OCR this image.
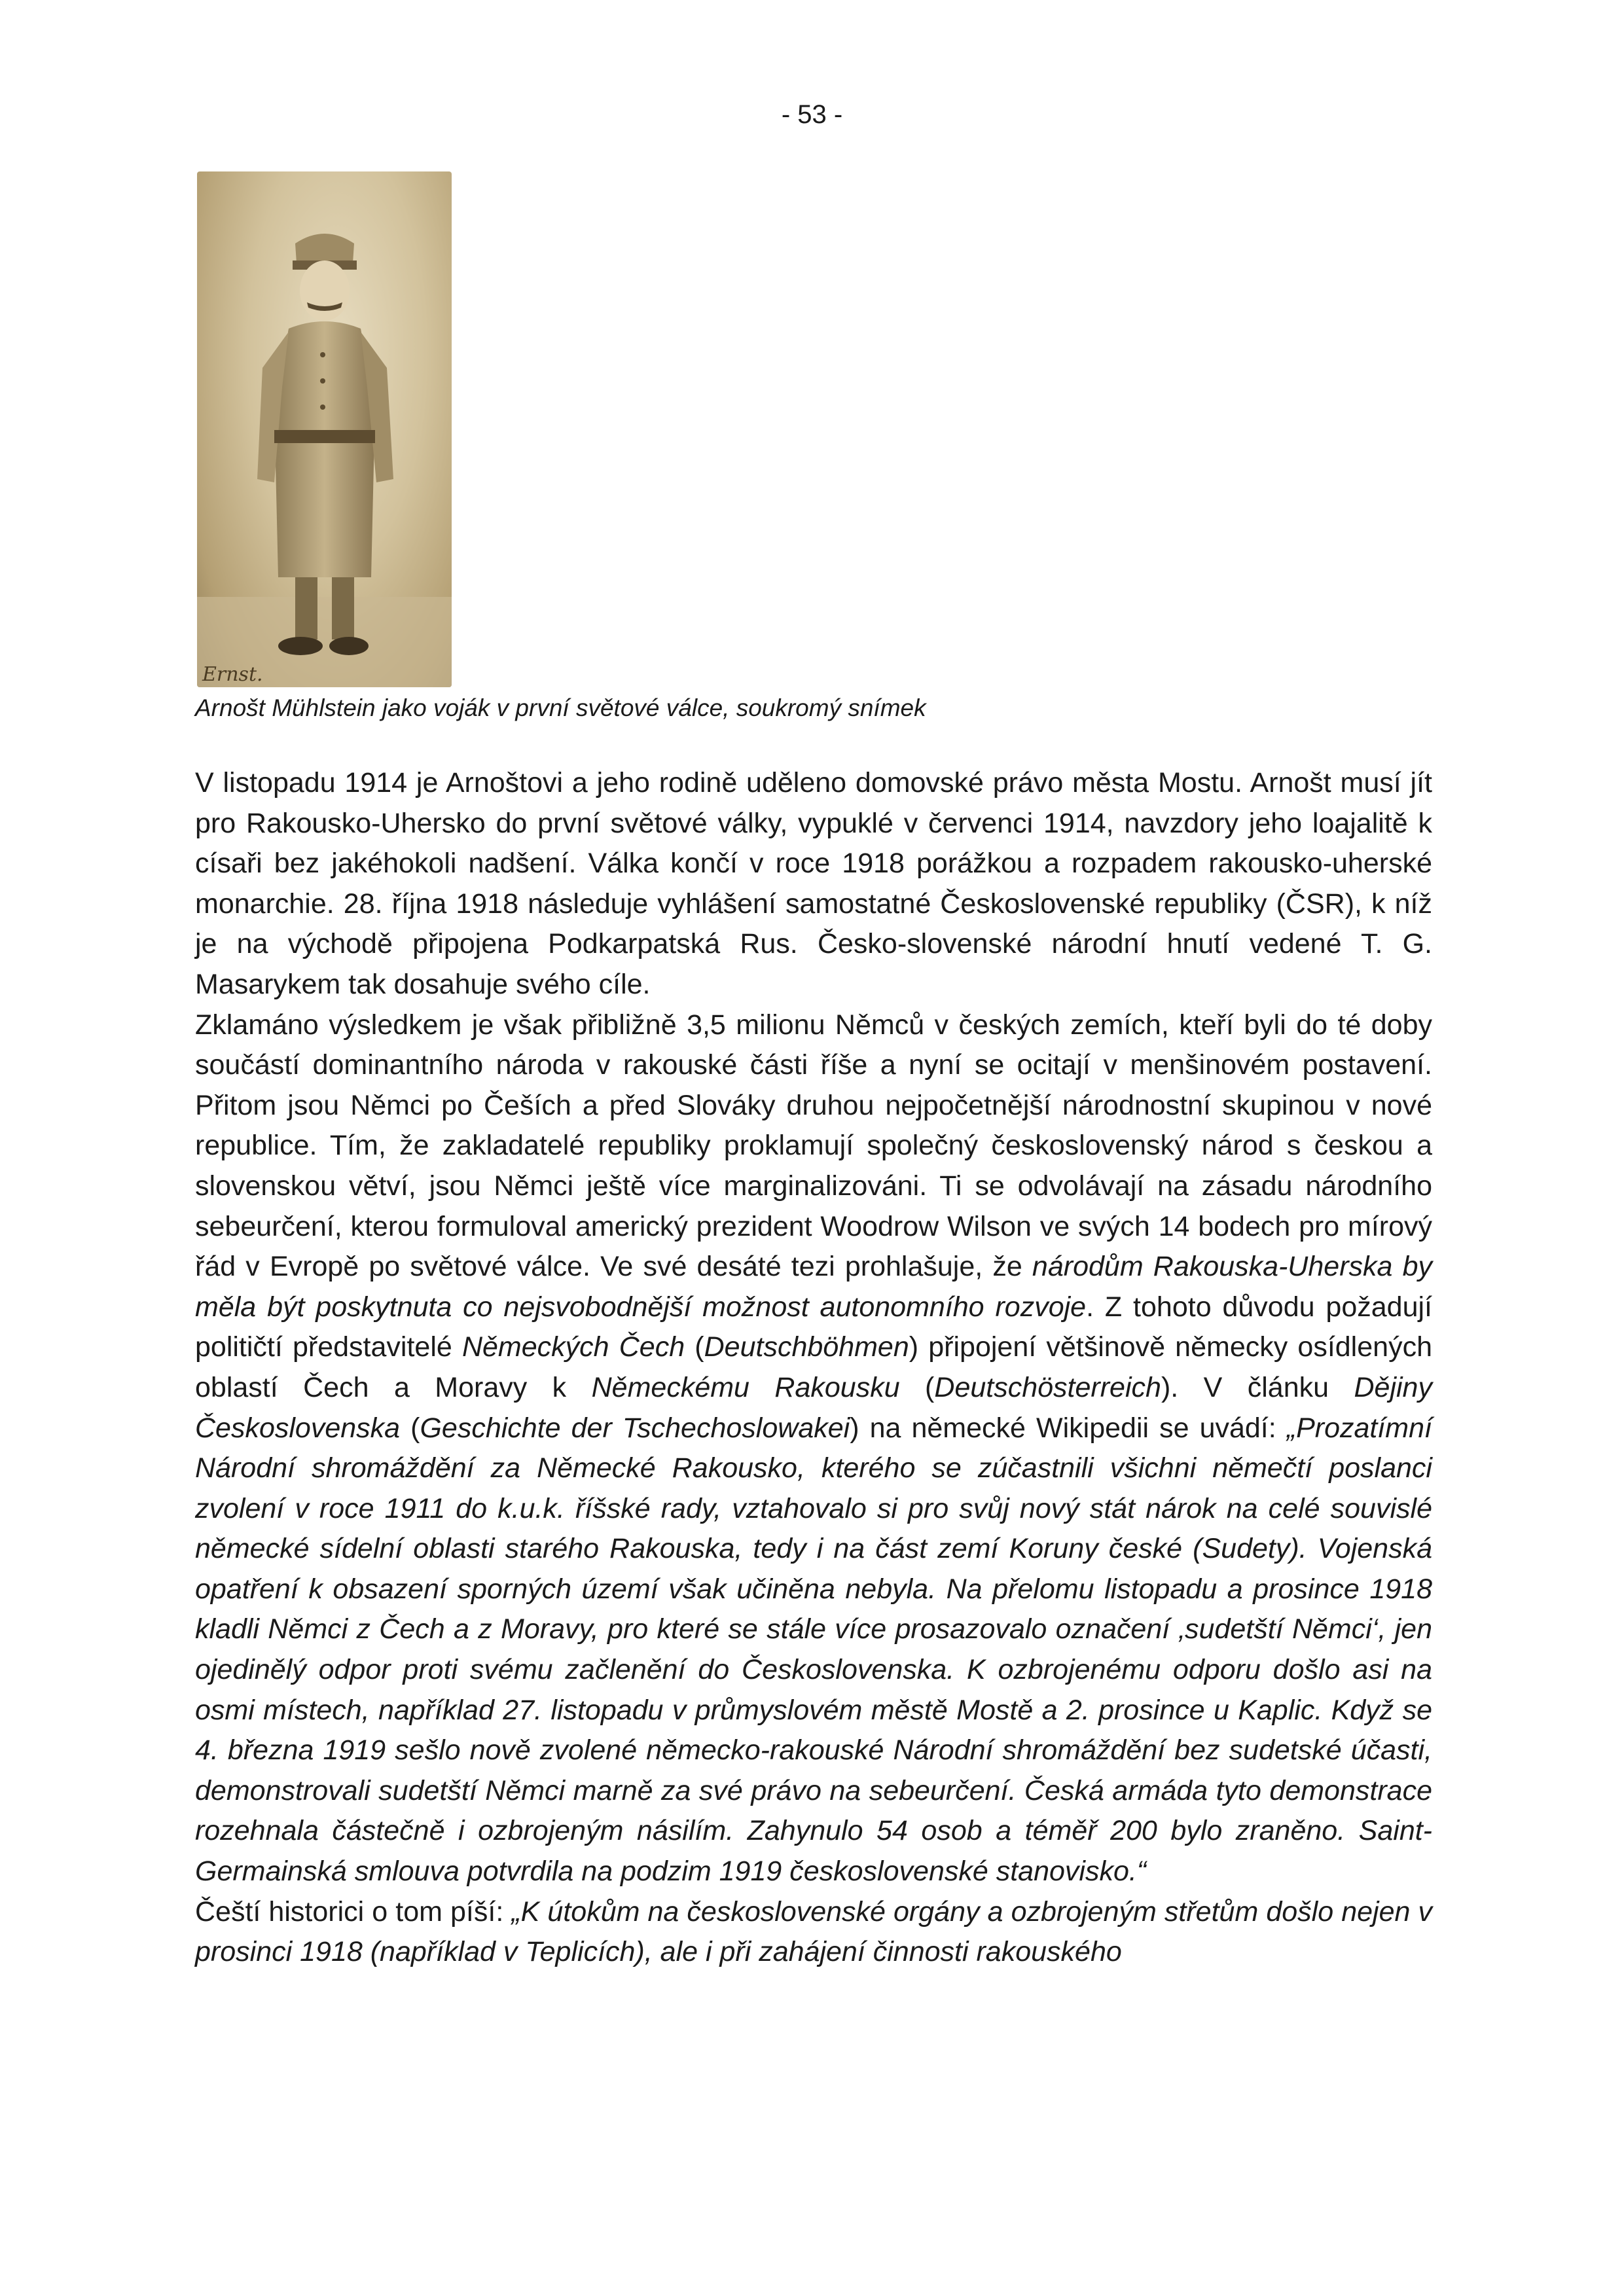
- 53 -
Ernst.
Arnošt Mühlstein jako voják v první světové válce, soukromý snímek

V listopadu 1914 je Arnoštovi a jeho rodině uděleno domovské právo města Mostu. Arnošt musí jít pro Rakousko-Uhersko do první světové války, vypuklé v červenci 1914, navzdory jeho loajalitě k císaři bez jakéhokoli nadšení. Válka končí v roce 1918 porážkou a rozpadem rakousko-uherské monarchie. 28. října 1918 následuje vyhlášení samostatné Československé republiky (ČSR), k níž je na východě připojena Podkarpatská Rus. Česko-slovenské národní hnutí vedené T. G. Masarykem tak dosahuje svého cíle.

Zklamáno výsledkem je však přibližně 3,5 milionu Němců v českých zemích, kteří byli do té doby součástí dominantního národa v rakouské části říše a nyní se ocitají v menšinovém postavení. Přitom jsou Němci po Češích a před Slováky druhou nejpočetnější národnostní skupinou v nové republice. Tím, že zakladatelé republiky proklamují společný československý národ s českou a slovenskou větví, jsou Němci ještě více marginalizováni. Ti se odvolávají na zásadu národního sebeurčení, kterou formuloval americký prezident Woodrow Wilson ve svých 14 bodech pro mírový řád v Evropě po světové válce. Ve své desáté tezi prohlašuje, že národům Rakouska-Uherska by měla být poskytnuta co nejsvobodnější možnost autonomního rozvoje. Z tohoto důvodu požadují političtí představitelé Německých Čech (Deutschböhmen) připojení většinově německy osídlených oblastí Čech a Moravy k Německému Rakousku (Deutschösterreich). V článku Dějiny Československa (Geschichte der Tschechoslowakei) na německé Wikipedii se uvádí: „Prozatímní Národní shromáždění za Německé Rakousko, kterého se zúčastnili všichni němečtí poslanci zvolení v roce 1911 do k.u.k. říšské rady, vztahovalo si pro svůj nový stát nárok na celé souvislé německé sídelní oblasti starého Rakouska, tedy i na část zemí Koruny české (Sudety). Vojenská opatření k obsazení sporných území však učiněna nebyla. Na přelomu listopadu a prosince 1918 kladli Němci z Čech a z Moravy, pro které se stále více prosazovalo označení ‚sudetští Němci‘, jen ojedinělý odpor proti svému začlenění do Československa. K ozbrojenému odporu došlo asi na osmi místech, například 27. listopadu v průmyslovém městě Mostě a 2. prosince u Kaplic. Když se 4. března 1919 sešlo nově zvolené německo-rakouské Národní shromáždění bez sudetské účasti, demonstrovali sudetští Němci marně za své právo na sebeurčení. Česká armáda tyto demonstrace rozehnala částečně i ozbrojeným násilím. Zahynulo 54 osob a téměř 200 bylo zraněno. Saint-Germainská smlouva potvrdila na podzim 1919 československé stanovisko.“

Čeští historici o tom píší: „K útokům na československé orgány a ozbrojeným střetům došlo nejen v prosinci 1918 (například v Teplicích), ale i při zahájení činnosti rakouského
